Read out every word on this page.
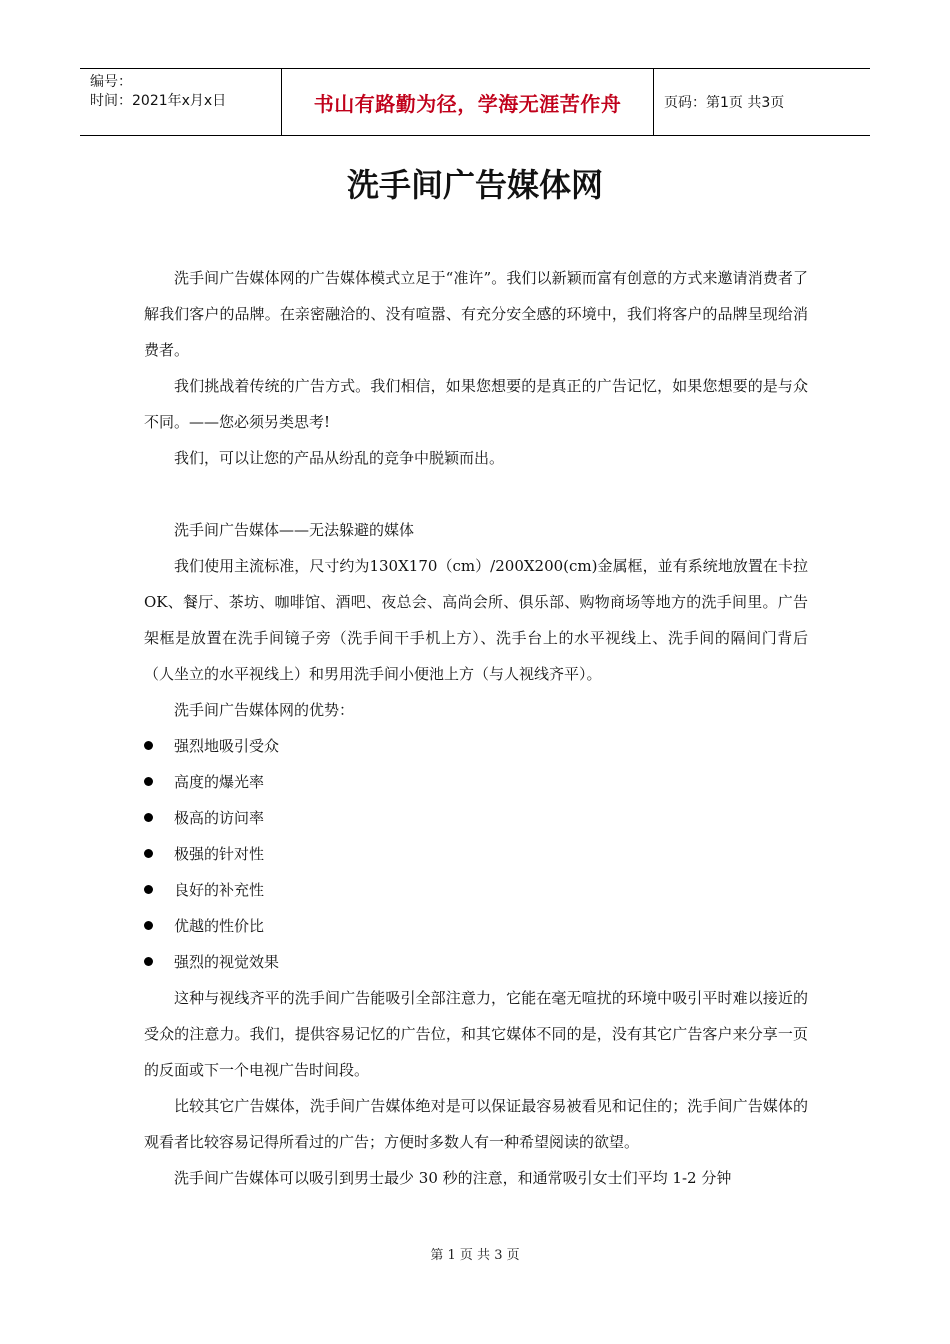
编号：
时间：2021年x月x日	书山有路勤为径，学海无涯苦作舟	页码：第1页 共3页
洗手间广告媒体网

洗手间广告媒体网的广告媒体模式立足于“准许”。我们以新颖而富有创意的方式来邀请消费者了解我们客户的品牌。在亲密融洽的、没有喧嚣、有充分安全感的环境中，我们将客户的品牌呈现给消费者。

我们挑战着传统的广告方式。我们相信，如果您想要的是真正的广告记忆，如果您想要的是与众不同。——您必须另类思考!

我们，可以让您的产品从纷乱的竞争中脱颖而出。

洗手间广告媒体——无法躲避的媒体

我们使用主流标准，尺寸约为130X170（cm）/200X200(cm)金属框，並有系统地放置在卡拉OK、餐厅、茶坊、咖啡馆、酒吧、夜总会、高尚会所、俱乐部、购物商场等地方的洗手间里。广告架框是放置在洗手间镜子旁（洗手间干手机上方）、洗手台上的水平视线上、洗手间的隔间门背后（人坐立的水平视线上）和男用洗手间小便池上方（与人视线齐平）。

洗手间广告媒体网的优势：

强烈地吸引受众

高度的爆光率

极高的访问率

极强的针对性

良好的补充性

优越的性价比

强烈的视觉效果

这种与视线齐平的洗手间广告能吸引全部注意力，它能在毫无喧扰的环境中吸引平时难以接近的受众的注意力。我们，提供容易记忆的广告位，和其它媒体不同的是，没有其它广告客户来分享一页的反面或下一个电视广告时间段。

比较其它广告媒体，洗手间广告媒体绝对是可以保证最容易被看见和记住的；洗手间广告媒体的观看者比较容易记得所看过的广告；方便时多数人有一种希望阅读的欲望。

洗手间广告媒体可以吸引到男士最少 30 秒的注意，和通常吸引女士们平均 1-2 分钟

第 1 页 共 3 页
